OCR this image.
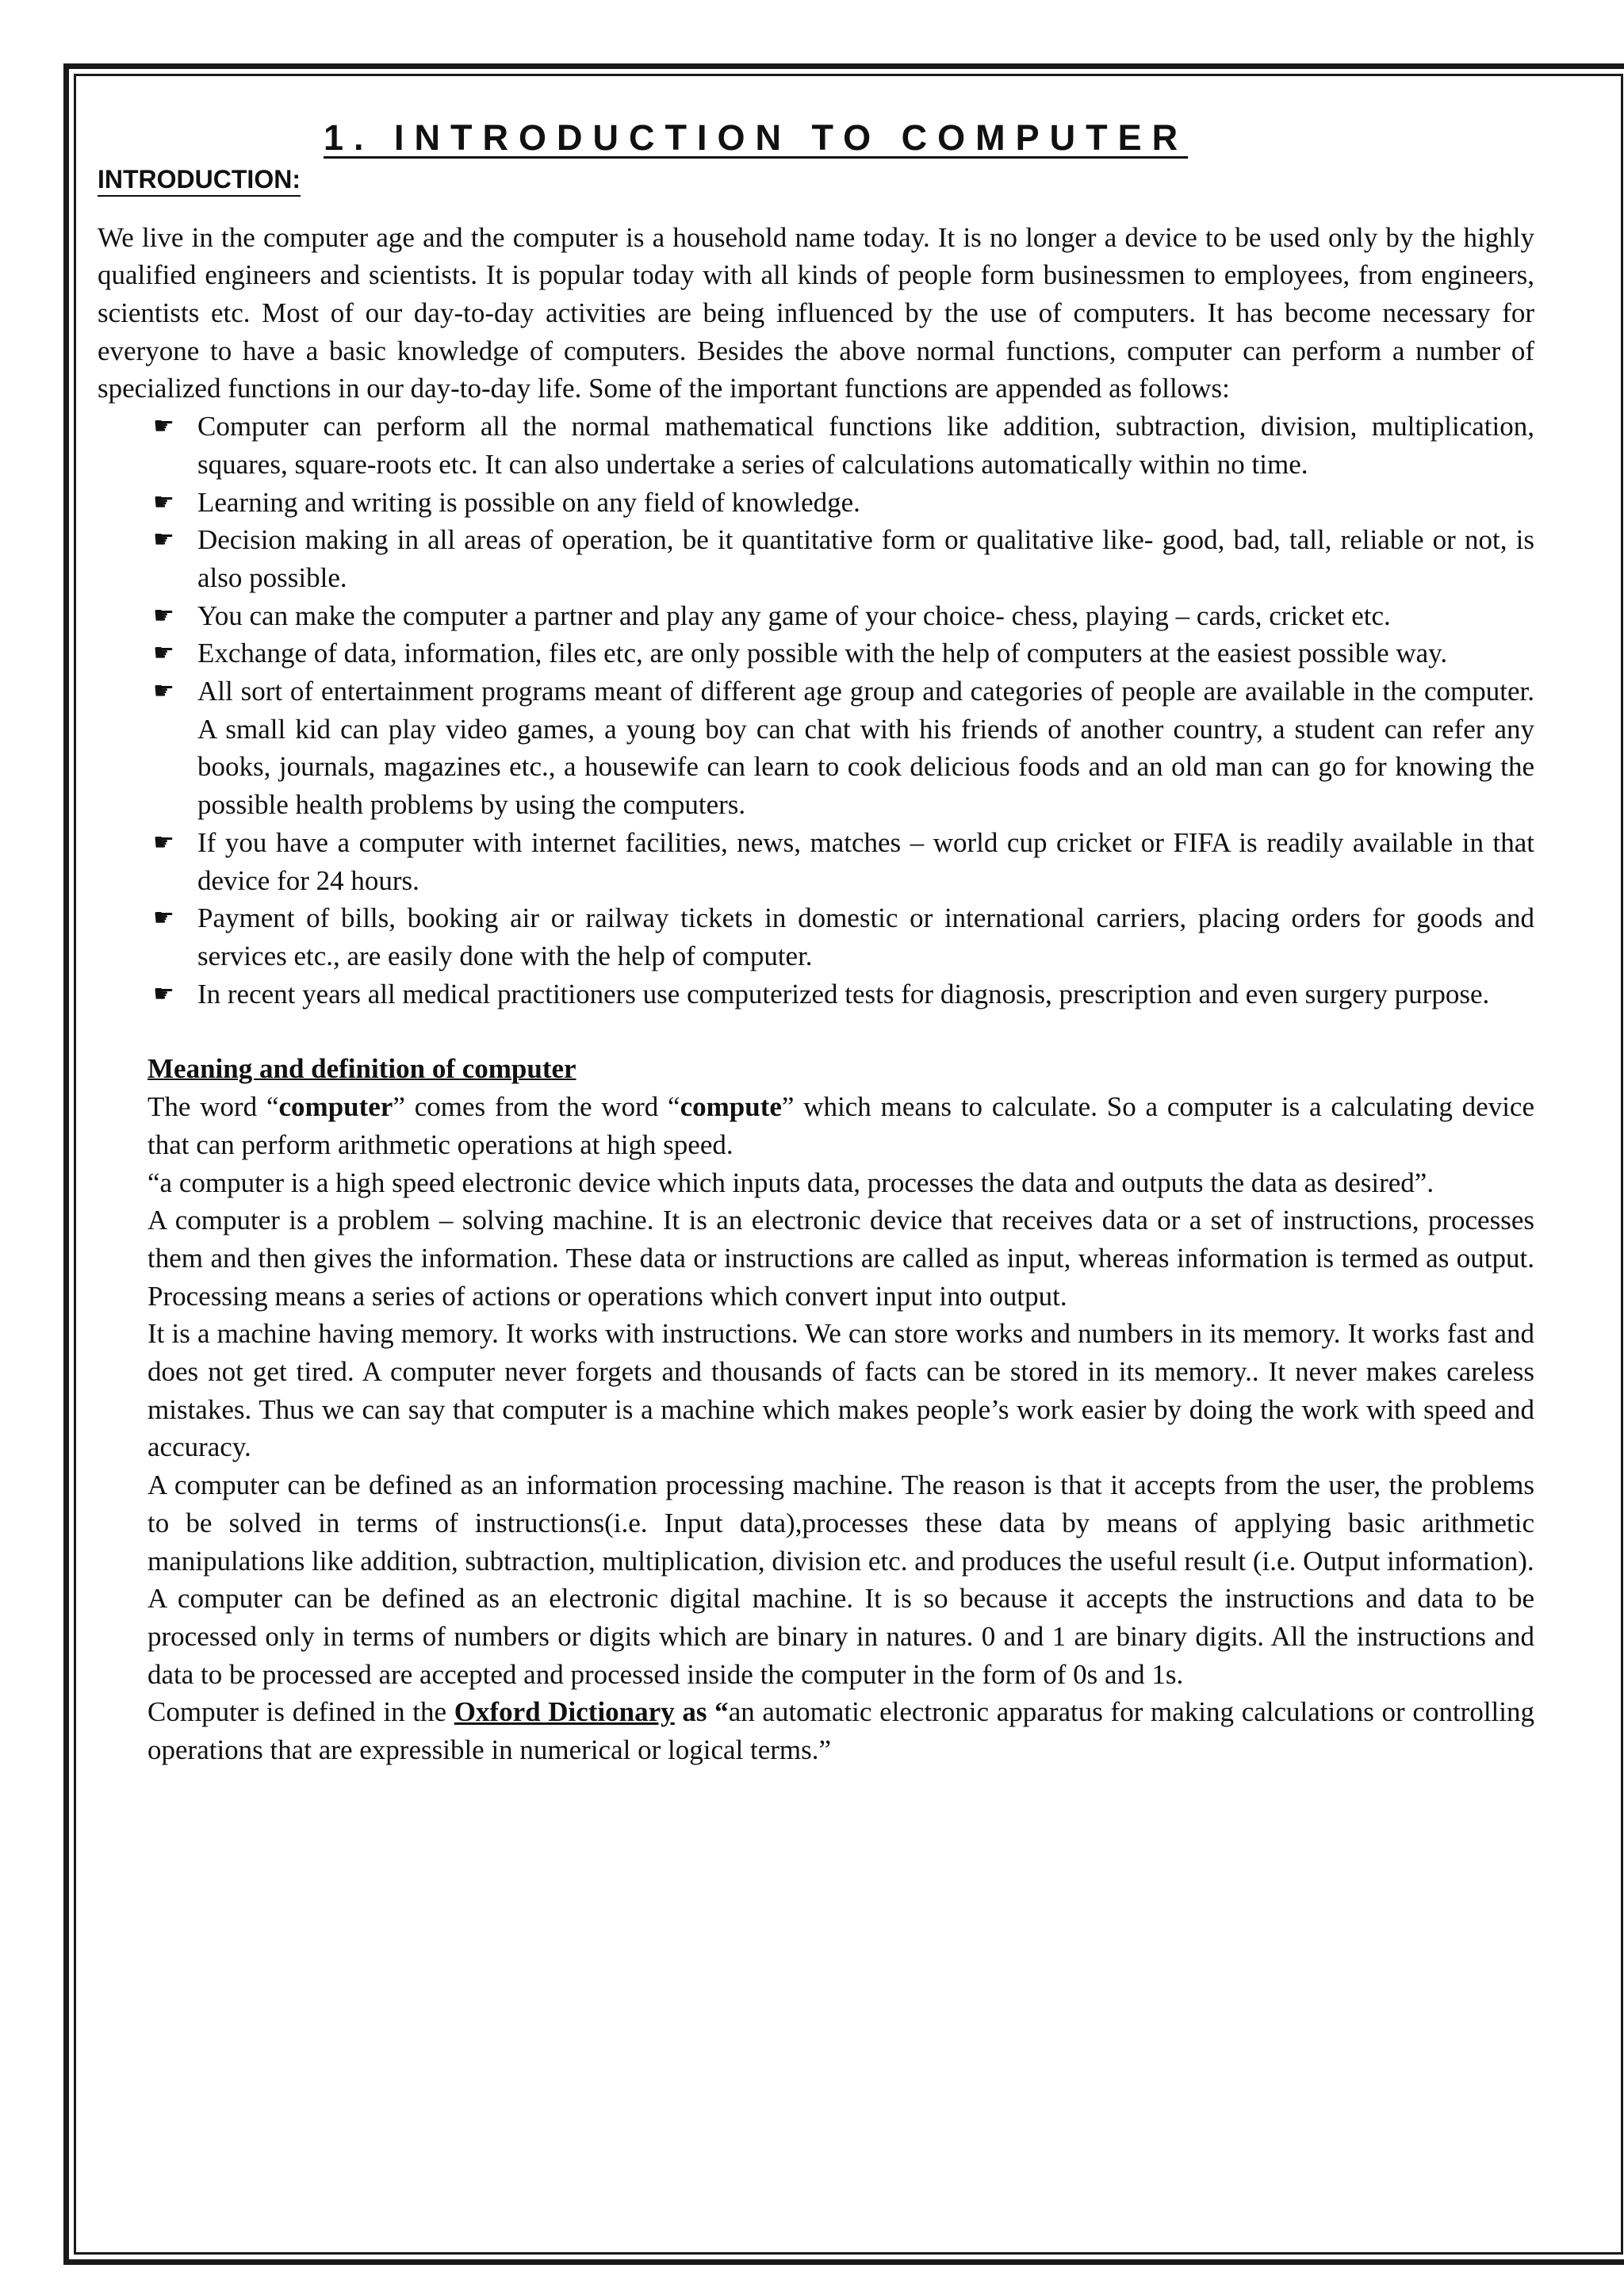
1. INTRODUCTION TO COMPUTER
INTRODUCTION:

We live in the computer age and the computer is a household name today. It is no longer a device to be used only by the highly qualified engineers and scientists. It is popular today with all kinds of people form businessmen to employees, from engineers, scientists etc. Most of our day-to-day activities are being influenced by the use of computers. It has become necessary for everyone to have a basic knowledge of computers. Besides the above normal functions, computer can perform a number of specialized functions in our day-to-day life. Some of the important functions are appended as follows:

☛ Computer can perform all the normal mathematical functions like addition, subtraction, division, multiplication, squares, square-roots etc. It can also undertake a series of calculations automatically within no time.
☛ Learning and writing is possible on any field of knowledge.
☛ Decision making in all areas of operation, be it quantitative form or qualitative like- good, bad, tall, reliable or not, is also possible.
☛ You can make the computer a partner and play any game of your choice- chess, playing – cards, cricket etc.
☛ Exchange of data, information, files etc, are only possible with the help of computers at the easiest possible way.
☛ All sort of entertainment programs meant of different age group and categories of people are available in the computer. A small kid can play video games, a young boy can chat with his friends of another country, a student can refer any books, journals, magazines etc., a housewife can learn to cook delicious foods and an old man can go for knowing the possible health problems by using the computers.
☛ If you have a computer with internet facilities, news, matches – world cup cricket or FIFA is readily available in that device for 24 hours.
☛ Payment of bills, booking air or railway tickets in domestic or international carriers, placing orders for goods and services etc., are easily done with the help of computer.
☛ In recent years all medical practitioners use computerized tests for diagnosis, prescription and even surgery purpose.
Meaning and definition of computer

The word “computer” comes from the word “compute” which means to calculate. So a computer is a calculating device that can perform arithmetic operations at high speed.

“a computer is a high speed electronic device which inputs data, processes the data and outputs the data as desired”.

A computer is a problem – solving machine. It is an electronic device that receives data or a set of instructions, processes them and then gives the information. These data or instructions are called as input, whereas information is termed as output. Processing means a series of actions or operations which convert input into output.

It is a machine having memory. It works with instructions. We can store works and numbers in its memory. It works fast and does not get tired. A computer never forgets and thousands of facts can be stored in its memory.. It never makes careless mistakes. Thus we can say that computer is a machine which makes people’s work easier by doing the work with speed and accuracy.

A computer can be defined as an information processing machine. The reason is that it accepts from the user, the problems to be solved in terms of instructions(i.e. Input data),processes these data by means of applying basic arithmetic manipulations like addition, subtraction, multiplication, division etc. and produces the useful result (i.e. Output information).

A computer can be defined as an electronic digital machine. It is so because it accepts the instructions and data to be processed only in terms of numbers or digits which are binary in natures. 0 and 1 are binary digits. All the instructions and data to be processed are accepted and processed inside the computer in the form of 0s and 1s.

Computer is defined in the Oxford Dictionary as “an automatic electronic apparatus for making calculations or controlling operations that are expressible in numerical or logical terms.”
